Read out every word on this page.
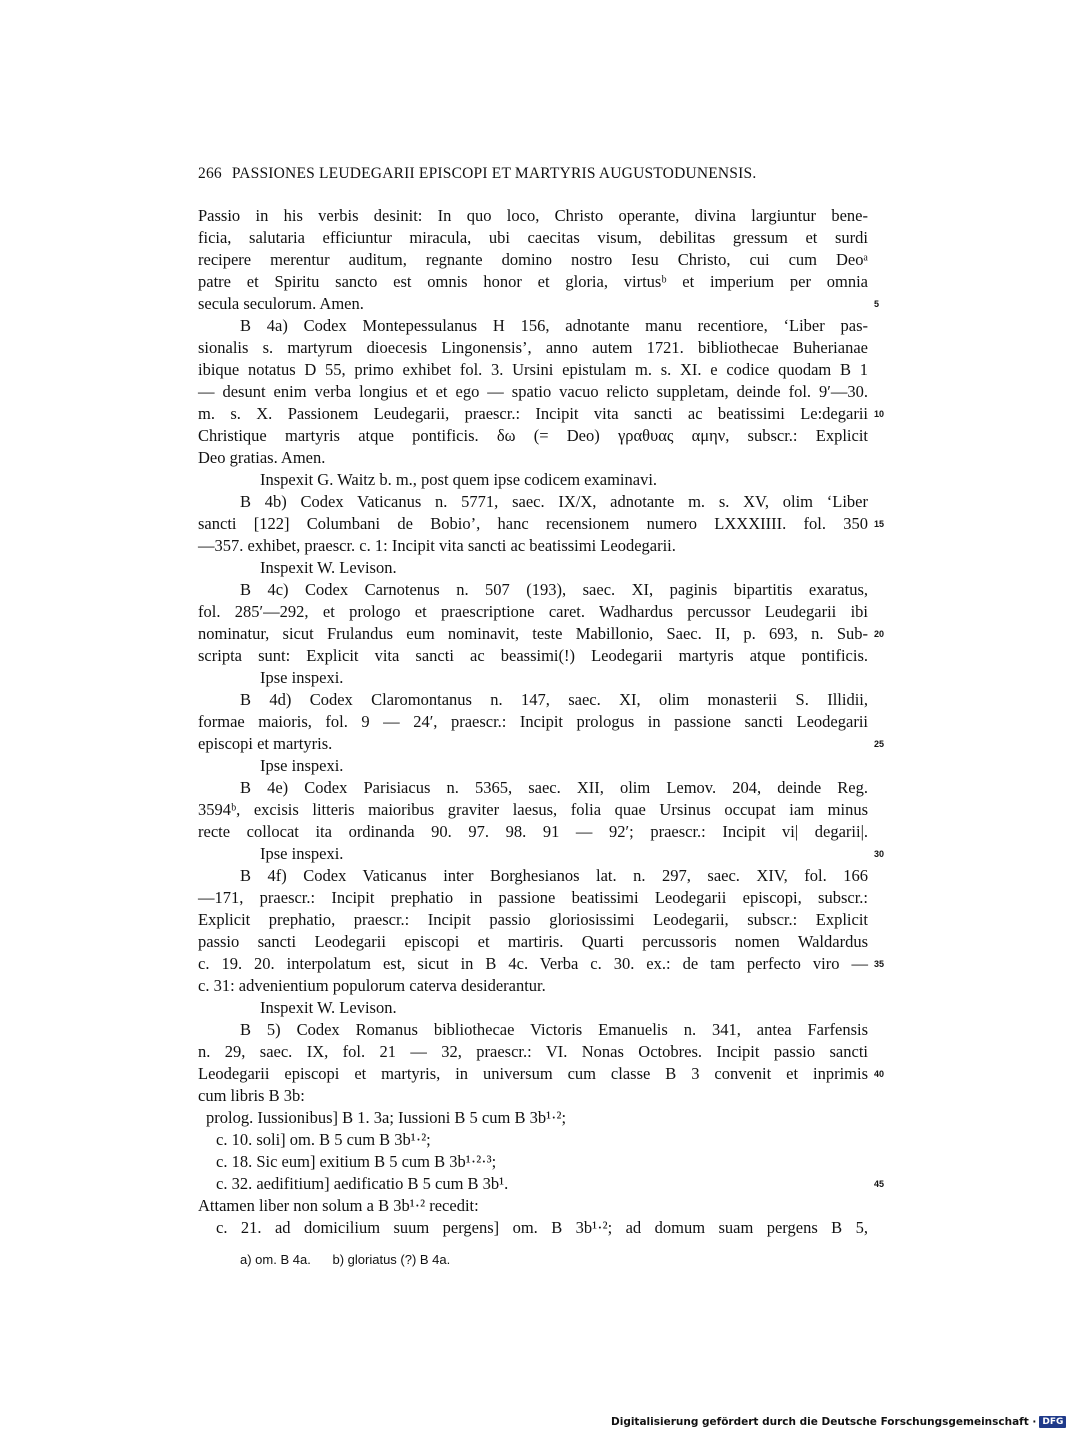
266 PASSIONES LEUDEGARII EPISCOPI ET MARTYRIS AUGUSTODUNENSIS.
Passio in his verbis desinit: In quo loco, Christo operante, divina largiuntur bene-
ficia, salutaria efficiuntur miracula, ubi caecitas visum, debilitas gressum et surdi
recipere merentur auditum, regnante domino nostro Iesu Christo, cui cum Deoᵃ
patre et Spiritu sancto est omnis honor et gloria, virtusᵇ et imperium per omnia
secula seculorum. Amen.	5
B 4a) Codex Montepessulanus H 156, adnotante manu recentiore, ‘Liber pas-
sionalis s. martyrum dioecesis Lingonensis’, anno autem 1721. bibliothecae Buherianae
ibique notatus D 55, primo exhibet fol. 3. Ursini epistulam m. s. XI. e codice quodam B 1
— desunt enim verba longius et et ego — spatio vacuo relicto suppletam, deinde fol. 9′—30.
m. s. X. Passionem Leudegarii, praescr.: Incipit vita sancti ac beatissimi Le:degarii 10
Christique martyris atque pontificis. δω (= Deo) γραθυας αμην, subscr.: Explicit
Deo gratias. Amen.
Inspexit G. Waitz b. m., post quem ipse codicem examinavi.
B 4b) Codex Vaticanus n. 5771, saec. IX/X, adnotante m. s. XV, olim ‘Liber
sancti [122] Columbani de Bobio’, hanc recensionem numero LXXXIIII. fol. 350 15
—357. exhibet, praescr. c. 1: Incipit vita sancti ac beatissimi Leodegarii.
Inspexit W. Levison.
B 4c) Codex Carnotenus n. 507 (193), saec. XI, paginis bipartitis exaratus,
fol. 285′—292, et prologo et praescriptione caret. Wadhardus percussor Leudegarii ibi
nominatur, sicut Frulandus eum nominavit, teste Mabillonio, Saec. II, p. 693, n. Sub- 20
scripta sunt: Explicit vita sancti ac beassimi(!) Leodegarii martyris atque pontificis.
Ipse inspexi.
B 4d) Codex Claromontanus n. 147, saec. XI, olim monasterii S. Illidii,
formae maioris, fol. 9 — 24′, praescr.: Incipit prologus in passione sancti Leodegarii
episcopi et martyris.	25
Ipse inspexi.
B 4e) Codex Parisiacus n. 5365, saec. XII, olim Lemov. 204, deinde Reg.
3594ᵇ, excisis litteris maioribus graviter laesus, folia quae Ursinus occupat iam minus
recte collocat ita ordinanda 90. 97. 98. 91 — 92′; praescr.: Incipit vi| degarii|.
Ipse inspexi.	30
B 4f) Codex Vaticanus inter Borghesianos lat. n. 297, saec. XIV, fol. 166
—171, praescr.: Incipit prephatio in passione beatissimi Leodegarii episcopi, subscr.:
Explicit prephatio, praescr.: Incipit passio gloriosissimi Leodegarii, subscr.: Explicit
passio sancti Leodegarii episcopi et martiris. Quarti percussoris nomen Waldardus
c. 19. 20. interpolatum est, sicut in B 4c. Verba c. 30. ex.: de tam perfecto viro — 35
c. 31: advenientium populorum caterva desiderantur.
Inspexit W. Levison.
B 5) Codex Romanus bibliothecae Victoris Emanuelis n. 341, antea Farfensis
n. 29, saec. IX, fol. 21 — 32, praescr.: VI. Nonas Octobres. Incipit passio sancti
Leodegarii episcopi et martyris, in universum cum classe B 3 convenit et inprimis 40
cum libris B 3b:
prolog. Iussionibus] B 1. 3a; Iussioni B 5 cum B 3b¹·²;
c. 10. soli] om. B 5 cum B 3b¹·²;
c. 18. Sic eum] exitium B 5 cum B 3b¹·²·³;
c. 32. aedifitium] aedificatio B 5 cum B 3b¹.	45
Attamen liber non solum a B 3b¹·² recedit:
c. 21. ad domicilium suum pergens] om. B 3b¹·²; ad domum suam pergens B 5,
a) om. B 4a. b) gloriatus (?) B 4a.
Digitalisierung gefördert durch die Deutsche Forschungsgemeinschaft · DFG
